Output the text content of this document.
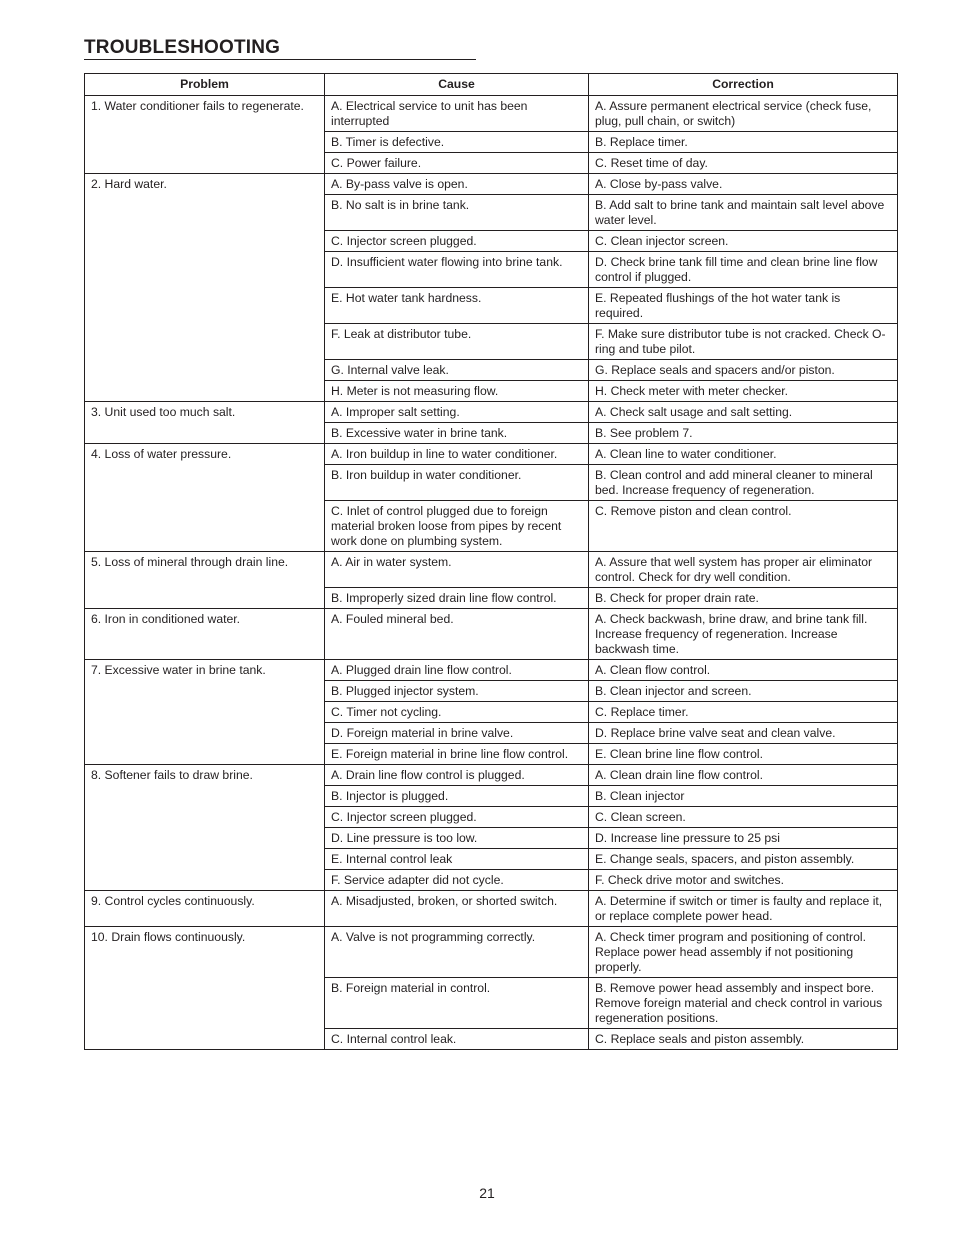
TROUBLESHOOTING
Problem	Cause	Correction
1. Water conditioner fails to regenerate.	A. Electrical service to unit has been interrupted	A. Assure permanent electrical service (check fuse, plug, pull chain, or switch)
	B. Timer is defective.	B. Replace timer.
	C. Power failure.	C. Reset time of day.
2. Hard water.	A. By-pass valve is open.	A. Close by-pass valve.
	B. No salt is in brine tank.	B. Add salt to brine tank and maintain salt level above water level.
	C. Injector screen plugged.	C. Clean injector screen.
	D. Insufficient water flowing into brine tank.	D. Check brine tank fill time and clean brine line flow control if plugged.
	E. Hot water tank hardness.	E. Repeated flushings of the hot water tank is required.
	F. Leak at distributor tube.	F. Make sure distributor tube is not cracked. Check O-ring and tube pilot.
	G. Internal valve leak.	G. Replace seals and spacers and/or piston.
	H. Meter is not measuring flow.	H. Check meter with meter checker.
3. Unit used too much salt.	A. Improper salt setting.	A. Check salt usage and salt setting.
	B. Excessive water in brine tank.	B. See problem 7.
4. Loss of water pressure.	A. Iron buildup in line to water conditioner.	A. Clean line to water conditioner.
	B. Iron buildup in water conditioner.	B. Clean control and add mineral cleaner to mineral bed. Increase frequency of regeneration.
	C. Inlet of control plugged due to foreign material broken loose from pipes by recent work done on plumbing system.	C. Remove piston and clean control.
5. Loss of mineral through drain line.	A. Air in water system.	A. Assure that well system has proper air eliminator control. Check for dry well condition.
	B. Improperly sized drain line flow control.	B. Check for proper drain rate.
6. Iron in conditioned water.	A. Fouled mineral bed.	A. Check backwash, brine draw, and brine tank fill. Increase frequency of regeneration. Increase backwash time.
7. Excessive water in brine tank.	A. Plugged drain line flow control.	A. Clean flow control.
	B. Plugged injector system.	B. Clean injector and screen.
	C. Timer not cycling.	C. Replace timer.
	D. Foreign material in brine valve.	D. Replace brine valve seat and clean valve.
	E. Foreign material in brine line flow control.	E. Clean brine line flow control.
8. Softener fails to draw brine.	A. Drain line flow control is plugged.	A. Clean drain line flow control.
	B. Injector is plugged.	B. Clean injector
	C. Injector screen plugged.	C. Clean screen.
	D. Line pressure is too low.	D. Increase line pressure to 25 psi
	E. Internal control leak	E. Change seals, spacers, and piston assembly.
	F. Service adapter did not cycle.	F. Check drive motor and switches.
9. Control cycles continuously.	A. Misadjusted, broken, or shorted switch.	A. Determine if switch or timer is faulty and replace it, or replace complete power head.
10. Drain flows continuously.	A. Valve is not programming correctly.	A. Check timer program and positioning of control. Replace power head assembly if not positioning properly.
	B. Foreign material in control.	B. Remove power head assembly and inspect bore. Remove foreign material and check control in various regeneration positions.
	C. Internal control leak.	C. Replace seals and piston assembly.
21
